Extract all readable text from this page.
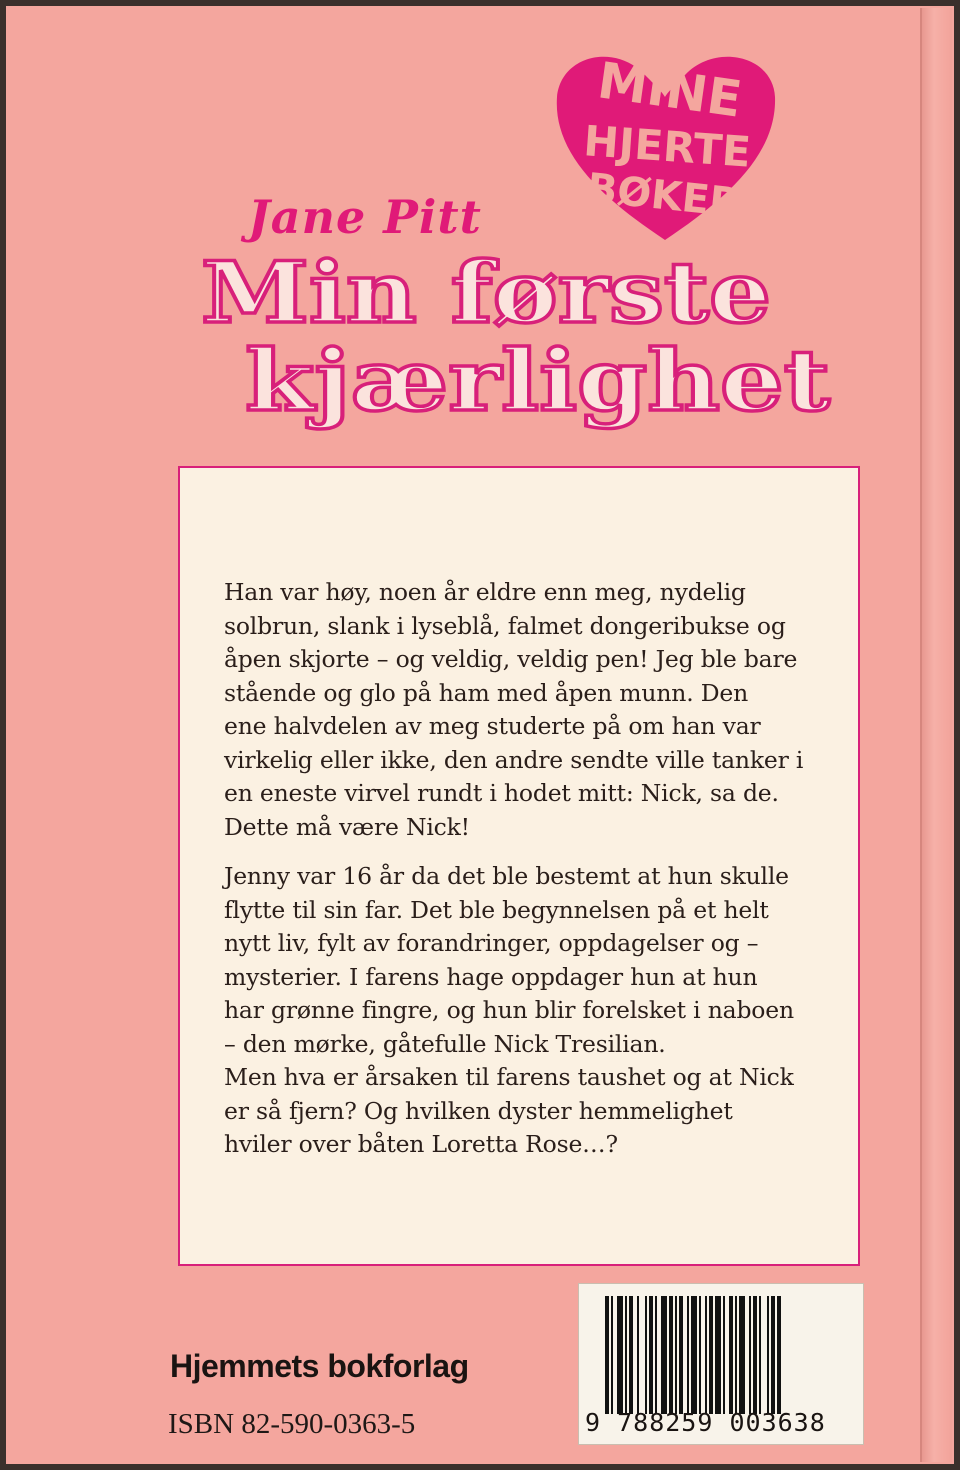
MINE
HJERTE
BØKER
Jane Pitt
Min første
kjærlighet

Han var høy, noen år eldre enn meg, nydelig
solbrun, slank i lyseblå, falmet dongeribukse og
åpen skjorte – og veldig, veldig pen! Jeg ble bare
stående og glo på ham med åpen munn. Den
ene halvdelen av meg studerte på om han var
virkelig eller ikke, den andre sendte ville tanker i
en eneste virvel rundt i hodet mitt: Nick, sa de.
Dette må være Nick!

Jenny var 16 år da det ble bestemt at hun skulle
flytte til sin far. Det ble begynnelsen på et helt
nytt liv, fylt av forandringer, oppdagelser og –
mysterier. I farens hage oppdager hun at hun
har grønne fingre, og hun blir forelsket i naboen
– den mørke, gåtefulle Nick Tresilian.
Men hva er årsaken til farens taushet og at Nick
er så fjern? Og hvilken dyster hemmelighet
hviler over båten Loretta Rose…?

Hjemmets bokforlag

ISBN 82-590-0363-5	9 788259 003638
